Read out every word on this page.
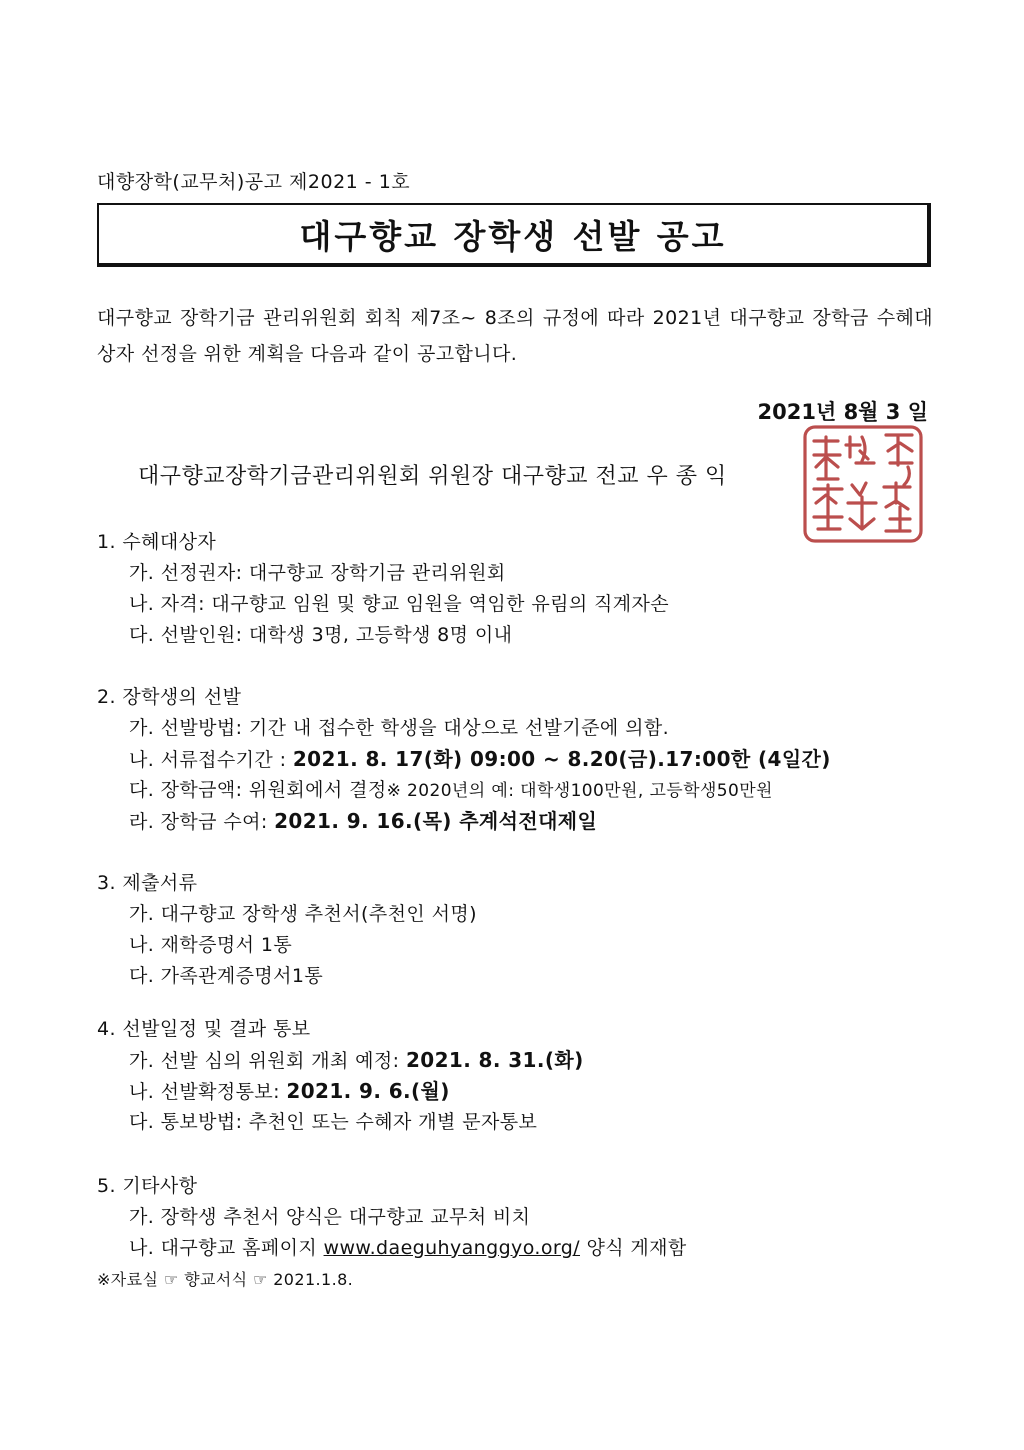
대향장학(교무처)공고 제2021 - 1호
대구향교 장학생 선발 공고
대구향교 장학기금 관리위원회 회칙 제7조~ 8조의 규정에 따라 2021년 대구향교 장학금 수혜대상자 선정을 위한 계획을 다음과 같이 공고합니다.
2021년 8월 3 일
대구향교장학기금관리위원회 위원장 대구향교 전교 우 종 익
1. 수혜대상자
가. 선정권자: 대구향교 장학기금 관리위원회
나. 자격: 대구향교 임원 및 향교 임원을 역임한 유림의 직계자손
다. 선발인원: 대학생 3명, 고등학생 8명 이내
2. 장학생의 선발
가. 선발방법: 기간 내 접수한 학생을 대상으로 선발기준에 의함.
나. 서류접수기간 : 2021. 8. 17(화) 09:00 ~ 8.20(금).17:00한 (4일간)
다. 장학금액: 위원회에서 결정※ 2020년의 예: 대학생100만원, 고등학생50만원
라. 장학금 수여: 2021. 9. 16.(목) 추계석전대제일
3. 제출서류
가. 대구향교 장학생 추천서(추천인 서명)
나. 재학증명서 1통
다. 가족관계증명서1통
4. 선발일정 및 결과 통보
가. 선발 심의 위원회 개최 예정: 2021. 8. 31.(화)
나. 선발확정통보: 2021. 9. 6.(월)
다. 통보방법: 추천인 또는 수혜자 개별 문자통보
5. 기타사항
가. 장학생 추천서 양식은 대구향교 교무처 비치
나. 대구향교 홈페이지 www.daeguhyanggyo.org/ 양식 게재함
※자료실 ☞ 향교서식 ☞ 2021.1.8.
